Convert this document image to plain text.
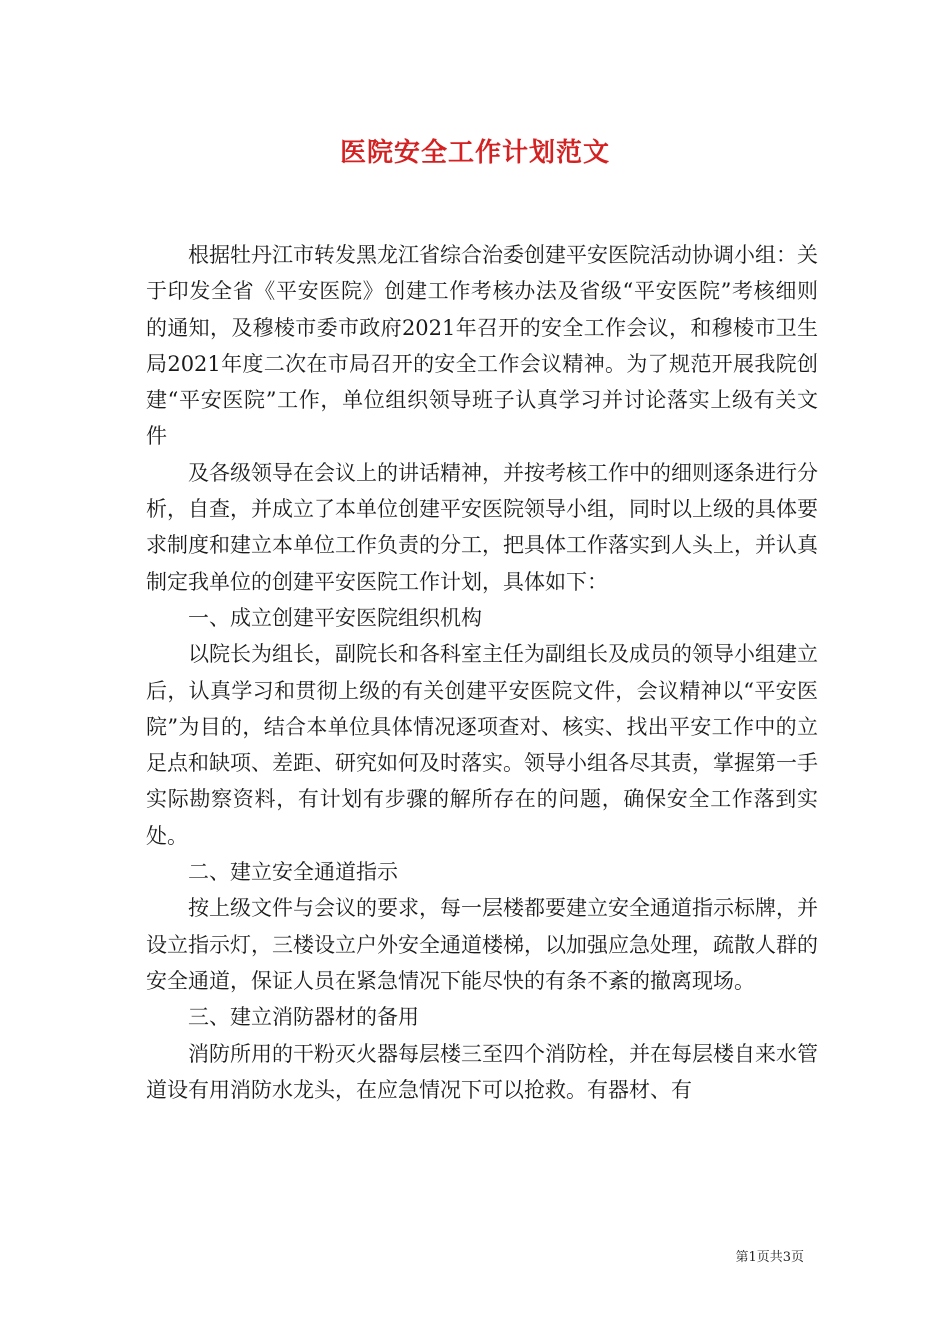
医院安全工作计划范文

根据牡丹江市转发黑龙江省综合治委创建平安医院活动协调小组：关于印发全省《平安医院》创建工作考核办法及省级“平安医院”考核细则的通知，及穆棱市委市政府2021年召开的安全工作会议，和穆棱市卫生局2021年度二次在市局召开的安全工作会议精神。为了规范开展我院创建“平安医院”工作，单位组织领导班子认真学习并讨论落实上级有关文件

及各级领导在会议上的讲话精神，并按考核工作中的细则逐条进行分析，自查，并成立了本单位创建平安医院领导小组，同时以上级的具体要求制度和建立本单位工作负责的分工，把具体工作落实到人头上，并认真制定我单位的创建平安医院工作计划，具体如下：

一、成立创建平安医院组织机构

以院长为组长，副院长和各科室主任为副组长及成员的领导小组建立后，认真学习和贯彻上级的有关创建平安医院文件，会议精神以“平安医院”为目的，结合本单位具体情况逐项查对、核实、找出平安工作中的立足点和缺项、差距、研究如何及时落实。领导小组各尽其责，掌握第一手实际勘察资料，有计划有步骤的解所存在的问题，确保安全工作落到实处。

二、建立安全通道指示

按上级文件与会议的要求，每一层楼都要建立安全通道指示标牌，并设立指示灯，三楼设立户外安全通道楼梯，以加强应急处理，疏散人群的安全通道，保证人员在紧急情况下能尽快的有条不紊的撤离现场。

三、建立消防器材的备用

消防所用的干粉灭火器每层楼三至四个消防栓，并在每层楼自来水管道设有用消防水龙头，在应急情况下可以抢救。有器材、有

第1页共3页
